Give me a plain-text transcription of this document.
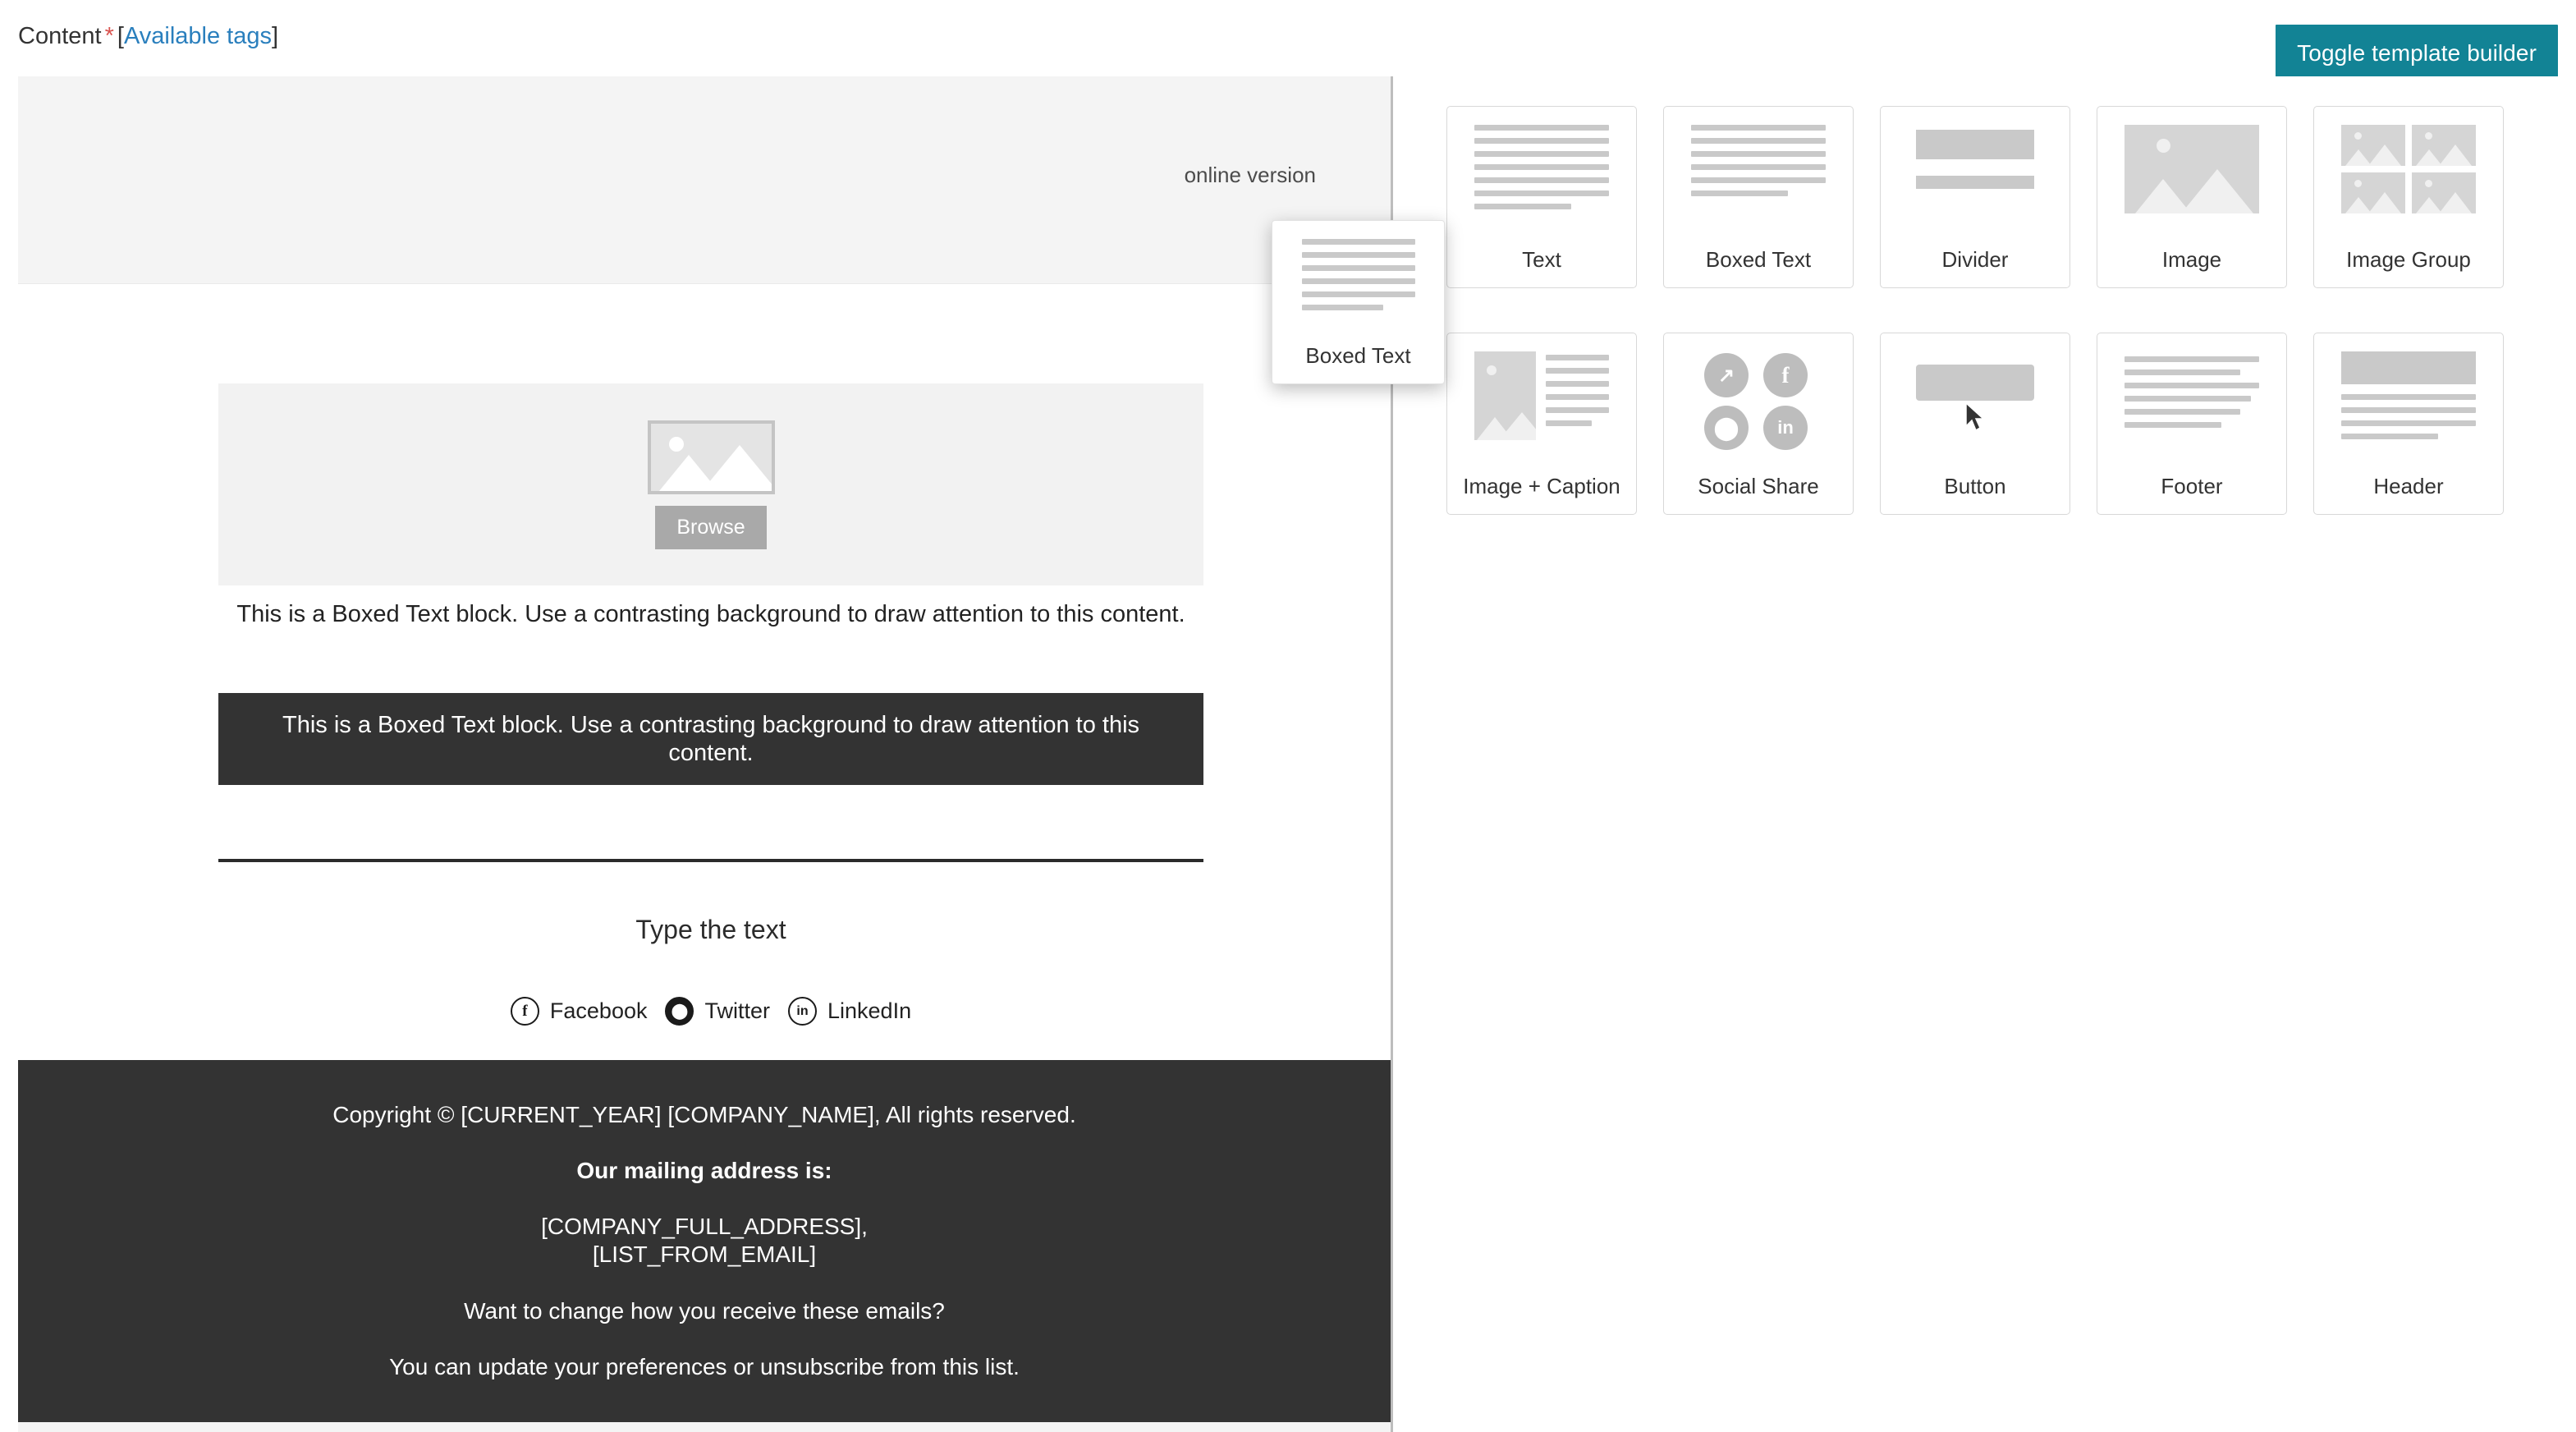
Content * [Available tags]
Toggle template builder
online version
Browse
This is a Boxed Text block. Use a contrasting background to draw attention to this content.
This is a Boxed Text block. Use a contrasting background to draw attention to this content.
Type the text
f	Facebook	⬤ Twitter	in LinkedIn

Copyright © [CURRENT_YEAR] [COMPANY_NAME], All rights reserved.

Our mailing address is:

[COMPANY_FULL_ADDRESS],

[LIST_FROM_EMAIL]

Want to change how you receive these emails?

You can update your preferences or unsubscribe from this list.

Text	Boxed Text	Divider	Image	Image Group
Image + Caption
↗	f
⬤	in
Social Share	Button	Footer	Header
Boxed Text
